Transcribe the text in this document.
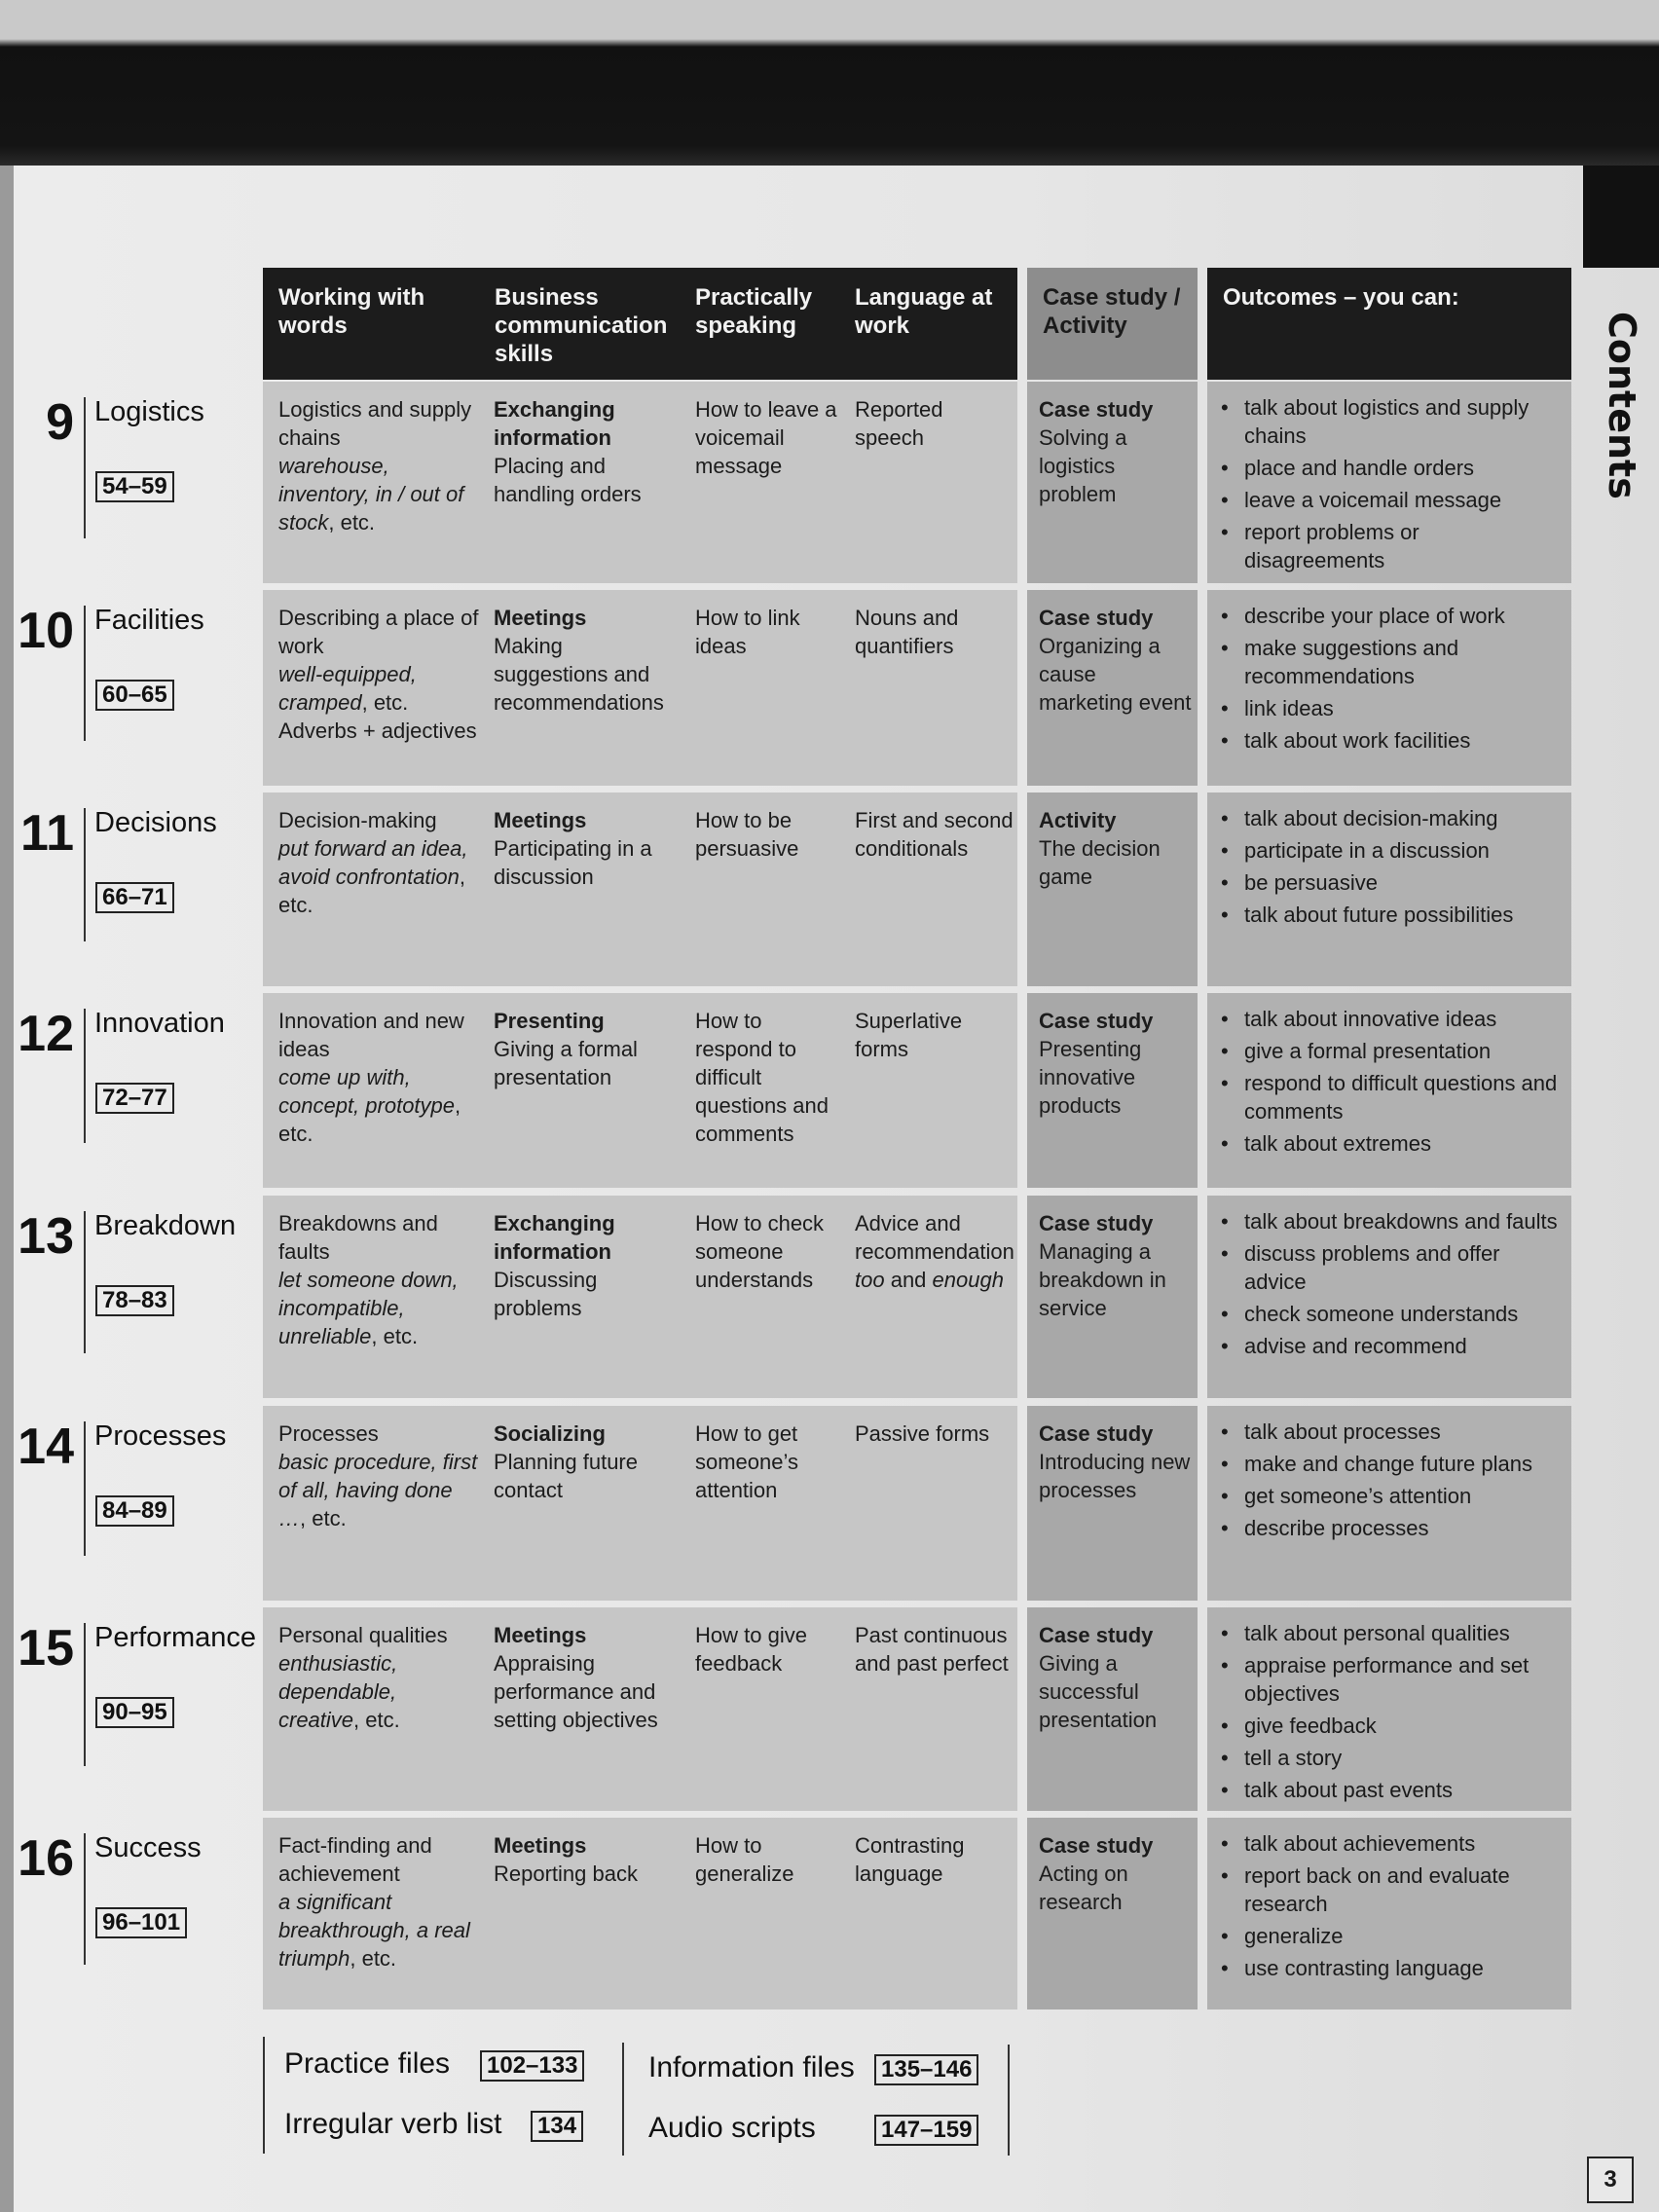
Contents
Working with words
Business communication skills
Practically speaking
Language at work
Case study / Activity
Outcomes – you can:
9 Logistics
54–59
Logistics and supply chains
warehouse, inventory, in / out of stock, etc.
Exchanging information
Placing and handling orders
How to leave a voicemail message
Reported speech
Case study
Solving a logistics problem
• talk about logistics and supply chains
• place and handle orders
• leave a voicemail message
• report problems or disagreements
10 Facilities
60–65
Describing a place of work
well-equipped, cramped, etc.
Adverbs + adjectives
Meetings
Making suggestions and recommendations
How to link ideas
Nouns and quantifiers
Case study
Organizing a cause marketing event
• describe your place of work
• make suggestions and recommendations
• link ideas
• talk about work facilities
11 Decisions
66–71
Decision-making
put forward an idea, avoid confrontation, etc.
Meetings
Participating in a discussion
How to be persuasive
First and second conditionals
Activity
The decision game
• talk about decision-making
• participate in a discussion
• be persuasive
• talk about future possibilities
12 Innovation
72–77
Innovation and new ideas
come up with, concept, prototype, etc.
Presenting
Giving a formal presentation
How to respond to difficult questions and comments
Superlative forms
Case study
Presenting innovative products
• talk about innovative ideas
• give a formal presentation
• respond to difficult questions and comments
• talk about extremes
13 Breakdown
78–83
Breakdowns and faults
let someone down, incompatible, unreliable, etc.
Exchanging information
Discussing problems
How to check someone understands
Advice and recommendation
too and enough
Case study
Managing a breakdown in service
• talk about breakdowns and faults
• discuss problems and offer advice
• check someone understands
• advise and recommend
14 Processes
84–89
Processes
basic procedure, first of all, having done …, etc.
Socializing
Planning future contact
How to get someone’s attention
Passive forms	Case study
Introducing new processes
• talk about processes
• make and change future plans
• get someone’s attention
• describe processes
15 Performance
90–95
Personal qualities
enthusiastic, dependable, creative, etc.
Meetings
Appraising performance and setting objectives
How to give feedback
Past continuous and past perfect
Case study
Giving a successful presentation
• talk about personal qualities
• appraise performance and set objectives
• give feedback
• tell a story
• talk about past events
16 Success
96–101
Fact-finding and achievement
a significant breakthrough, a real triumph, etc.
Meetings
Reporting back
How to generalize
Contrasting language
Case study
Acting on research
• talk about achievements
• report back on and evaluate research
• generalize
• use contrasting language
Practice files 102–133
Irregular verb list 134
Information files 135–146
Audio scripts	147–159
3
